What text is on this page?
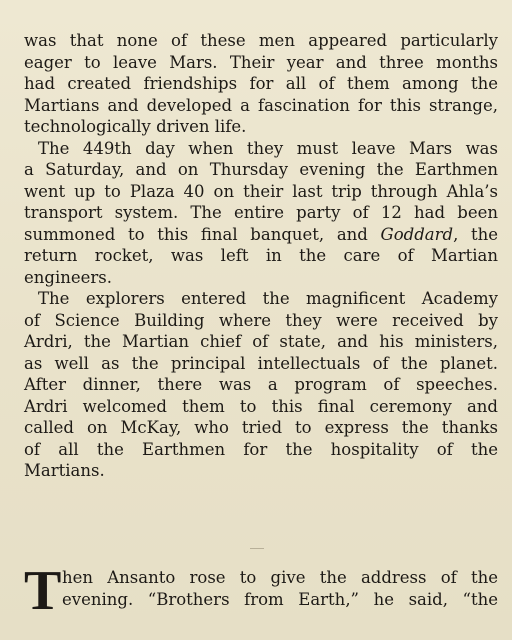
was that none of these men appeared particularly
eager to leave Mars. Their year and three months
had created friendships for all of them among the
Martians and developed a fascination for this strange,
technologically driven life.
The 449th day when they must leave Mars was
a Saturday, and on Thursday evening the Earthmen
went up to Plaza 40 on their last trip through Ahla’s
transport system. The entire party of 12 had been
summoned to this final banquet, and Goddard, the
return rocket, was left in the care of Martian
engineers.
The explorers entered the magnificent Academy
of Science Building where they were received by
Ardri, the Martian chief of state, and his ministers,
as well as the principal intellectuals of the planet.
After dinner, there was a program of speeches.
Ardri welcomed them to this final ceremony and
called on McKay, who tried to express the thanks
of all the Earthmen for the hospitality of the
Martians.
T hen Ansanto rose to give the address of the
evening. “Brothers from Earth,” he said, “the
